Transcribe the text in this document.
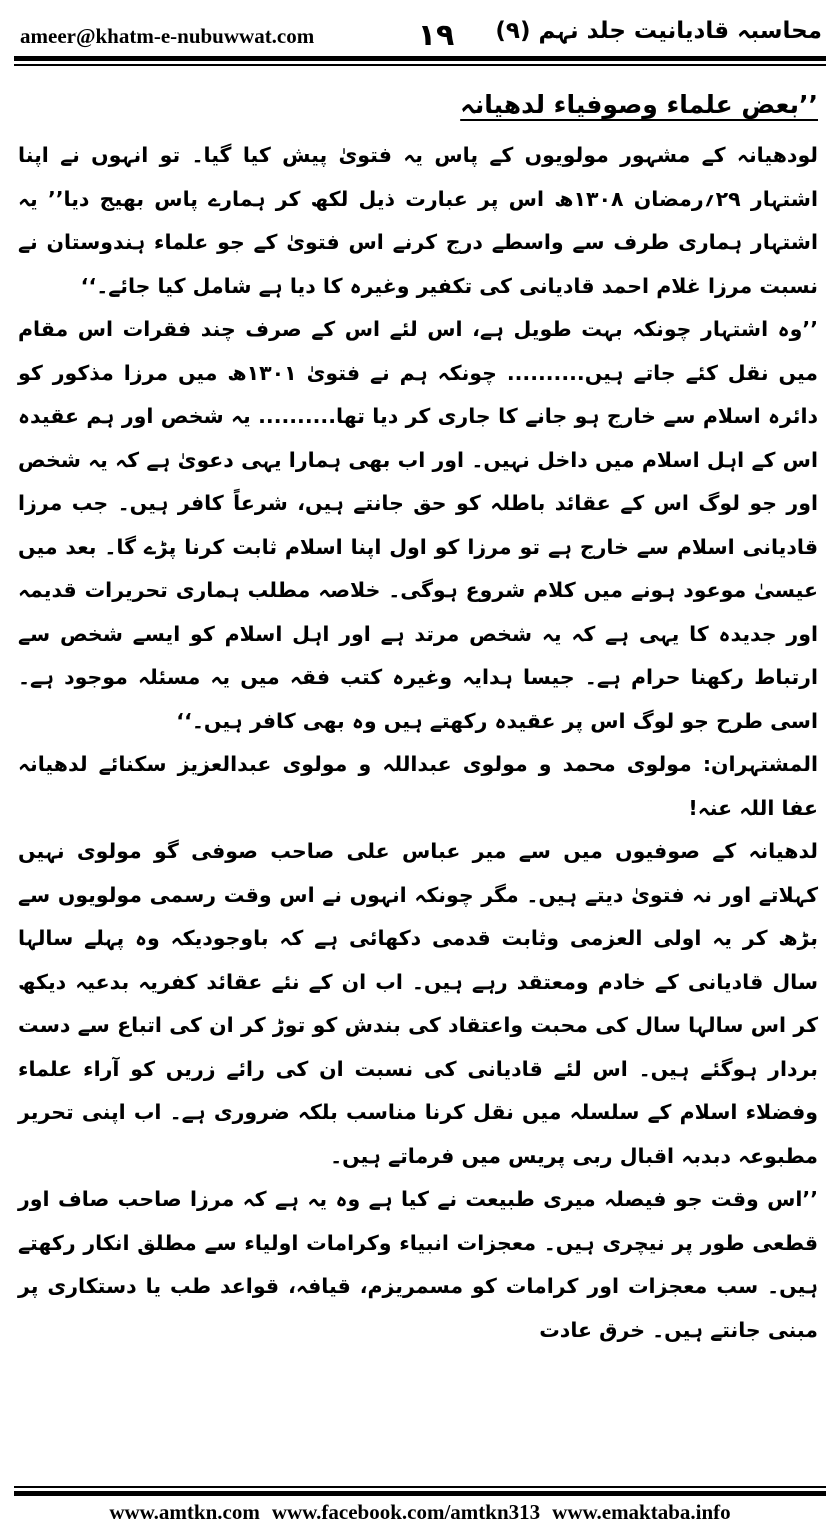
ameer@khatm-e-nubuwwat.com	١٩	محاسبہ قادیانیت جلد نہم (۹)
’’بعض علماء وصوفیاء لدھیانہ

لودھیانہ کے مشہور مولویوں کے پاس یہ فتویٰ پیش کیا گیا۔ تو انہوں نے اپنا اشتہار ۲۹؍رمضان ۱۳۰۸ھ اس پر عبارت ذیل لکھ کر ہمارے پاس بھیج دیا’’ یہ اشتہار ہماری طرف سے واسطے درج کرنے اس فتویٰ کے جو علماء ہندوستان نے نسبت مرزا غلام احمد قادیانی کی تکفیر وغیرہ کا دیا ہے شامل کیا جائے۔‘‘

’’وہ اشتہار چونکہ بہت طویل ہے، اس لئے اس کے صرف چند فقرات اس مقام میں نقل کئے جاتے ہیں.......... چونکہ ہم نے فتویٰ ۱۳۰۱ھ میں مرزا مذکور کو دائرہ اسلام سے خارج ہو جانے کا جاری کر دیا تھا.......... یہ شخص اور ہم عقیدہ اس کے اہل اسلام میں داخل نہیں۔ اور اب بھی ہمارا یہی دعویٰ ہے کہ یہ شخص اور جو لوگ اس کے عقائد باطلہ کو حق جانتے ہیں، شرعاً کافر ہیں۔ جب مرزا قادیانی اسلام سے خارج ہے تو مرزا کو اول اپنا اسلام ثابت کرنا پڑے گا۔ بعد میں عیسیٰ موعود ہونے میں کلام شروع ہوگی۔ خلاصہ مطلب ہماری تحریرات قدیمہ اور جدیدہ کا یہی ہے کہ یہ شخص مرتد ہے اور اہل اسلام کو ایسے شخص سے ارتباط رکھنا حرام ہے۔ جیسا ہدایہ وغیرہ کتب فقہ میں یہ مسئلہ موجود ہے۔ اسی طرح جو لوگ اس پر عقیدہ رکھتے ہیں وہ بھی کافر ہیں۔‘‘

المشتہران: مولوی محمد و مولوی عبداللہ و مولوی عبدالعزیز سکنائے لدھیانہ عفا اللہ عنہ!

لدھیانہ کے صوفیوں میں سے میر عباس علی صاحب صوفی گو مولوی نہیں کہلاتے اور نہ فتویٰ دیتے ہیں۔ مگر چونکہ انہوں نے اس وقت رسمی مولویوں سے بڑھ کر یہ اولی العزمی وثابت قدمی دکھائی ہے کہ باوجودیکہ وہ پہلے سالہا سال قادیانی کے خادم ومعتقد رہے ہیں۔ اب ان کے نئے عقائد کفریہ بدعیہ دیکھ کر اس سالہا سال کی محبت واعتقاد کی بندش کو توڑ کر ان کی اتباع سے دست بردار ہوگئے ہیں۔ اس لئے قادیانی کی نسبت ان کی رائے زریں کو آراء علماء وفضلاء اسلام کے سلسلہ میں نقل کرنا مناسب بلکہ ضروری ہے۔ اب اپنی تحریر مطبوعہ دبدبہ اقبال ربی پریس میں فرماتے ہیں۔

’’اس وقت جو فیصلہ میری طبیعت نے کیا ہے وہ یہ ہے کہ مرزا صاحب صاف اور قطعی طور پر نیچری ہیں۔ معجزات انبیاء وکرامات اولیاء سے مطلق انکار رکھتے ہیں۔ سب معجزات اور کرامات کو مسمریزم، قیافہ، قواعد طب یا دستکاری پر مبنی جانتے ہیں۔ خرق عادت

www.amtkn.com www.facebook.com/amtkn313 www.emaktaba.info
